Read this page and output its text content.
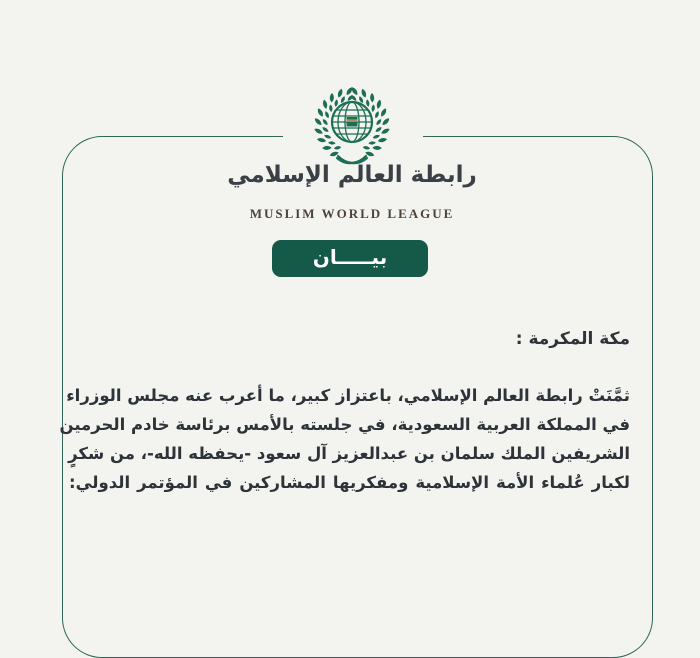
رابطة العالم الإسلامي
MUSLIM WORLD LEAGUE
بيـــــان
مكة المكرمة :
ثمَّنَتْ رابطة العالم الإسلامي، باعتزاز كبير، ما أعرب عنه مجلس الوزراء
في المملكة العربية السعودية، في جلسته بالأمس برئاسة خادم الحرمين
الشريفين الملك سلمان بن عبدالعزيز آل سعود -يحفظه الله-، من شكرٍ
لكبار عُلماء الأمة الإسلامية ومفكريها المشاركين في المؤتمر الدولي:
